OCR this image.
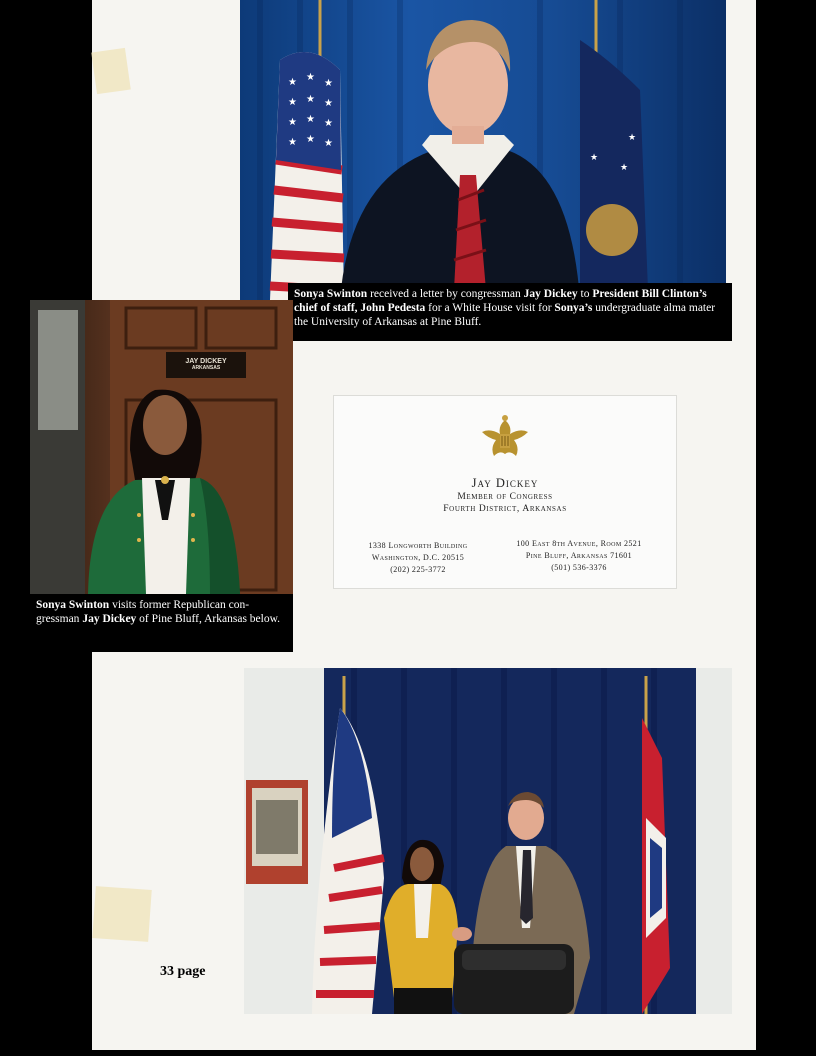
★ ★
★
★ ★ ★
★ ★ ★
★ ★ ★
★
★
★
Sonya Swinton received a letter by congressman Jay Dickey to President Bill Clinton’s chief of staff, John Pedesta for a White House visit for Sonya’s undergraduate alma mater the University of Arkansas at Pine Bluff.
JAY DICKEY
ARKANSAS
Sonya Swinton visits former Republican con-gressman Jay Dickey of Pine Bluff, Arkansas below.
Jay Dickey
Member of Congress
Fourth District, Arkansas
1338 Longworth Building
Washington, D.C. 20515
(202) 225-3772
100 East 8th Avenue, Room 2521
Pine Bluff, Arkansas 71601
(501) 536-3376
33 page
